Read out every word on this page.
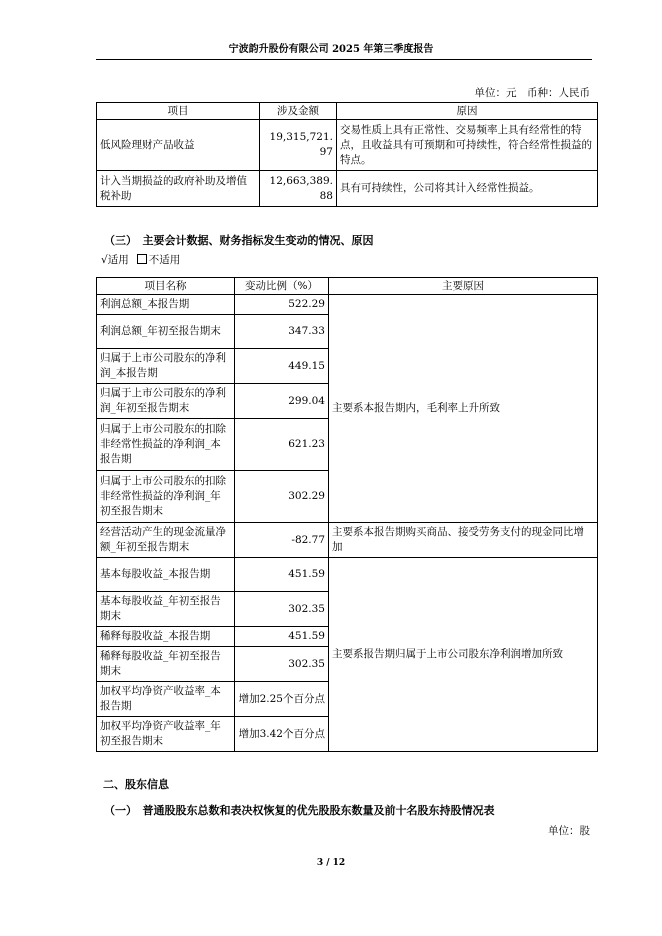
宁波韵升股份有限公司 2025 年第三季度报告
单位：元　币种：人民币
项目	涉及金额	原因
低风险理财产品收益	19,315,721.97	交易性质上具有正常性、交易频率上具有经常性的特点，且收益具有可预期和可持续性，符合经常性损益的特点。
计入当期损益的政府补助及增值税补助	12,663,389.88	具有可持续性，公司将其计入经常性损益。
（三）　主要会计数据、财务指标发生变动的情况、原因
√适用 不适用
项目名称	变动比例（%）	主要原因
利润总额_本报告期	522.29	主要系本报告期内，毛利率上升所致
利润总额_年初至报告期末	347.33	
归属于上市公司股东的净利润_本报告期	449.15	
归属于上市公司股东的净利润_年初至报告期末	299.04	
归属于上市公司股东的扣除非经常性损益的净利润_本报告期	621.23	
归属于上市公司股东的扣除非经常性损益的净利润_年初至报告期末	302.29	
经营活动产生的现金流量净额_年初至报告期末	-82.77	主要系本报告期购买商品、接受劳务支付的现金同比增加
基本每股收益_本报告期	451.59	主要系报告期归属于上市公司股东净利润增加所致
基本每股收益_年初至报告期末	302.35	
稀释每股收益_本报告期	451.59	
稀释每股收益_年初至报告期末	302.35	
加权平均净资产收益率_本报告期	增加2.25个百分点	
加权平均净资产收益率_年初至报告期末	增加3.42个百分点	
二、股东信息
（一）　普通股股东总数和表决权恢复的优先股股东数量及前十名股东持股情况表
单位：股
3 / 12
